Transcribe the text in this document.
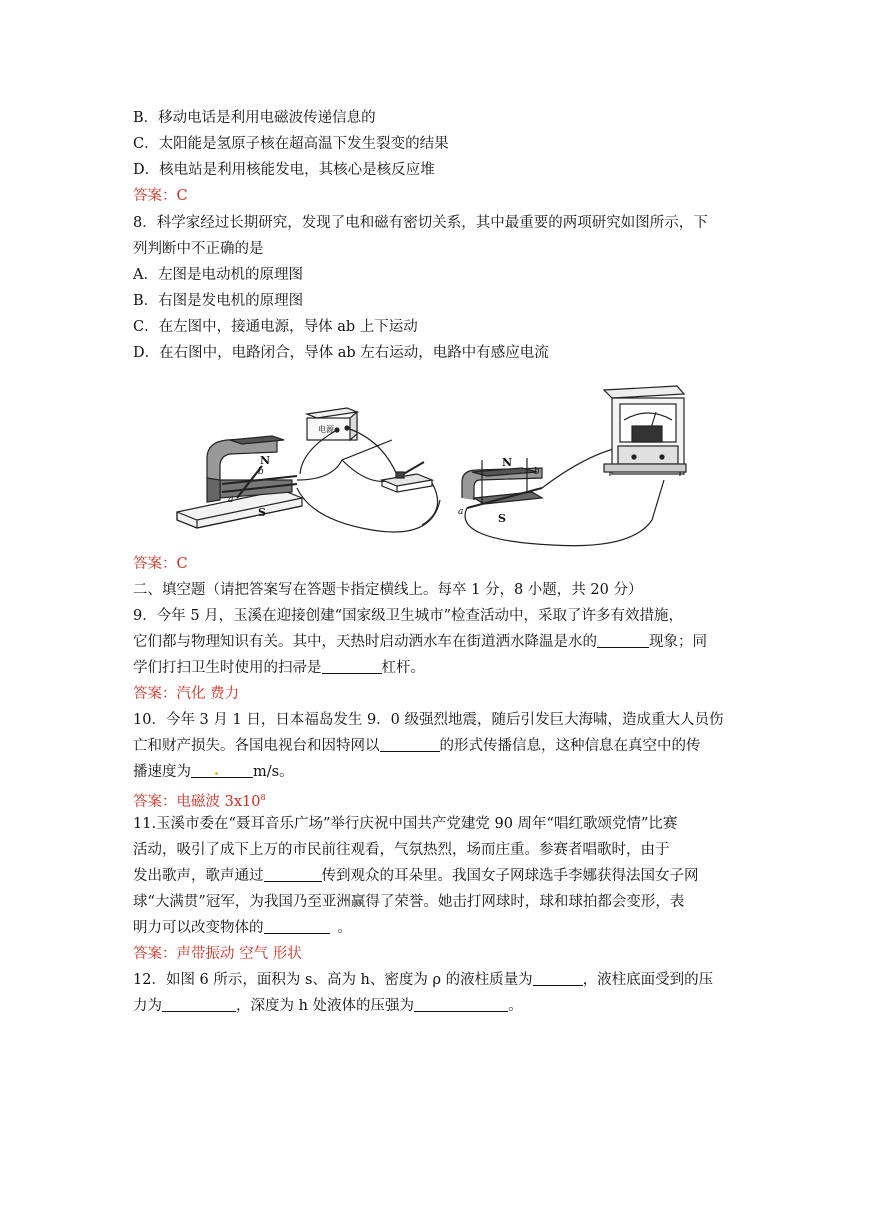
B．移动电话是利用电磁波传递信息的
C．太阳能是氢原子核在超高温下发生裂变的结果
D．核电站是利用核能发电，其核心是核反应堆
答案：C
8．科学家经过长期研究，发现了电和磁有密切关系，其中最重要的两项研究如图所示，下
列判断中不正确的是
A．左图是电动机的原理图
B．右图是发电机的原理图
C．在左图中，接通电源，导体 ab 上下运动
D．在右图中，电路闭合，导体 ab 左右运动，电路中有感应电流
电源
N
S
a
b
N
S
a
b
答案：C
二、填空题（请把答案写在答题卡指定横线上。每卒 1 分，8 小题，共 20 分）
9．今年 5 月，玉溪在迎接创建“国家级卫生城市”检查活动中，采取了许多有效措施，
它们都与物理知识有关。其中，天热时启动洒水车在街道洒水降温是水的	现象；同
学们打扫卫生时使用的扫帚是	杠杆。
答案：汽化 费力
10．今年 3 月 1 日，日本福岛发生 9．0 级强烈地震，随后引发巨大海啸，造成重大人员伤
亡和财产损失。各国电视台和因特网以	的形式传播信息，这种信息在真空中的传
播速度为	m/s。
答案：电磁波 $3x10^8$
11.玉溪市委在“聂耳音乐广场”举行庆祝中国共产党建党 90 周年“唱红歌颂党情”比赛
活动，吸引了成下上万的市民前往观看，气氛热烈，场而庄重。参赛者唱歌时，由于
发出歌声，歌声通过	传到观众的耳朵里。我国女子网球选手李娜获得法国女子网
球“大满贯”冠军，为我国乃至亚洲赢得了荣誉。她击打网球时，球和球拍都会变形，表
明力可以改变物体的	。
答案：声带振动 空气 形状
12．如图 6 所示，面积为 s、高为 h、密度为 ρ 的液柱质量为	，液柱底面受到的压
力为	，深度为 h 处液体的压强为	。
